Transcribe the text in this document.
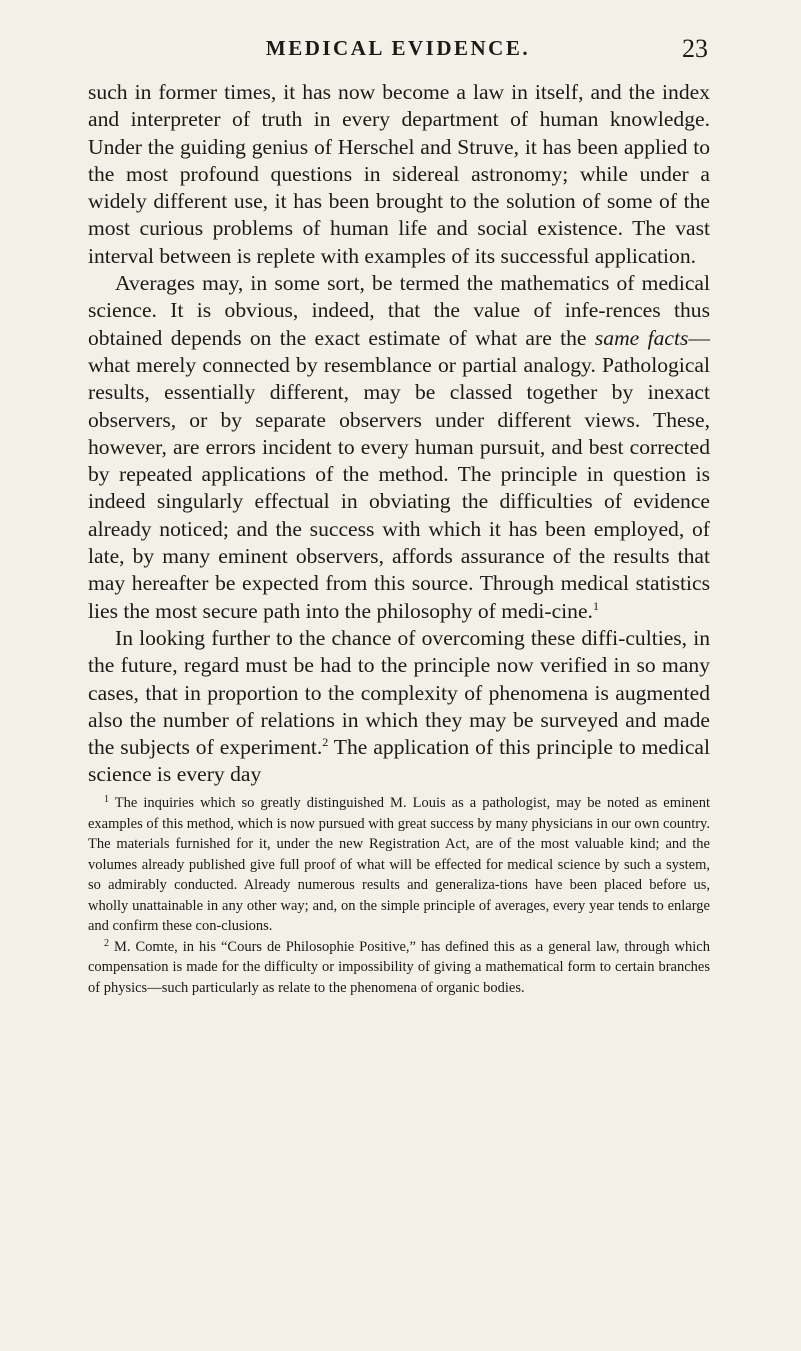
MEDICAL EVIDENCE.	23

such in former times, it has now become a law in itself, and the index and interpreter of truth in every department of human knowledge. Under the guiding genius of Herschel and Struve, it has been applied to the most profound questions in sidereal astronomy; while under a widely different use, it has been brought to the solution of some of the most curious problems of human life and social existence. The vast interval between is replete with examples of its successful application.

Averages may, in some sort, be termed the mathematics of medical science. It is obvious, indeed, that the value of infe-rences thus obtained depends on the exact estimate of what are the same facts—what merely connected by resemblance or partial analogy. Pathological results, essentially different, may be classed together by inexact observers, or by separate observers under different views. These, however, are errors incident to every human pursuit, and best corrected by repeated applications of the method. The principle in question is indeed singularly effectual in obviating the difficulties of evidence already noticed; and the success with which it has been employed, of late, by many eminent observers, affords assurance of the results that may hereafter be expected from this source. Through medical statistics lies the most secure path into the philosophy of medi-cine.$^1$

In looking further to the chance of overcoming these diffi-culties, in the future, regard must be had to the principle now verified in so many cases, that in proportion to the complexity of phenomena is augmented also the number of relations in which they may be surveyed and made the subjects of experiment.$^2$ The application of this principle to medical science is every day

$^1$ The inquiries which so greatly distinguished M. Louis as a pathologist, may be noted as eminent examples of this method, which is now pursued with great success by many physicians in our own country. The materials furnished for it, under the new Registration Act, are of the most valuable kind; and the volumes already published give full proof of what will be effected for medical science by such a system, so admirably conducted. Already numerous results and generaliza-tions have been placed before us, wholly unattainable in any other way; and, on the simple principle of averages, every year tends to enlarge and confirm these con-clusions.

$^2$ M. Comte, in his “Cours de Philosophie Positive,” has defined this as a general law, through which compensation is made for the difficulty or impossibility of giving a mathematical form to certain branches of physics—such particularly as relate to the phenomena of organic bodies.
